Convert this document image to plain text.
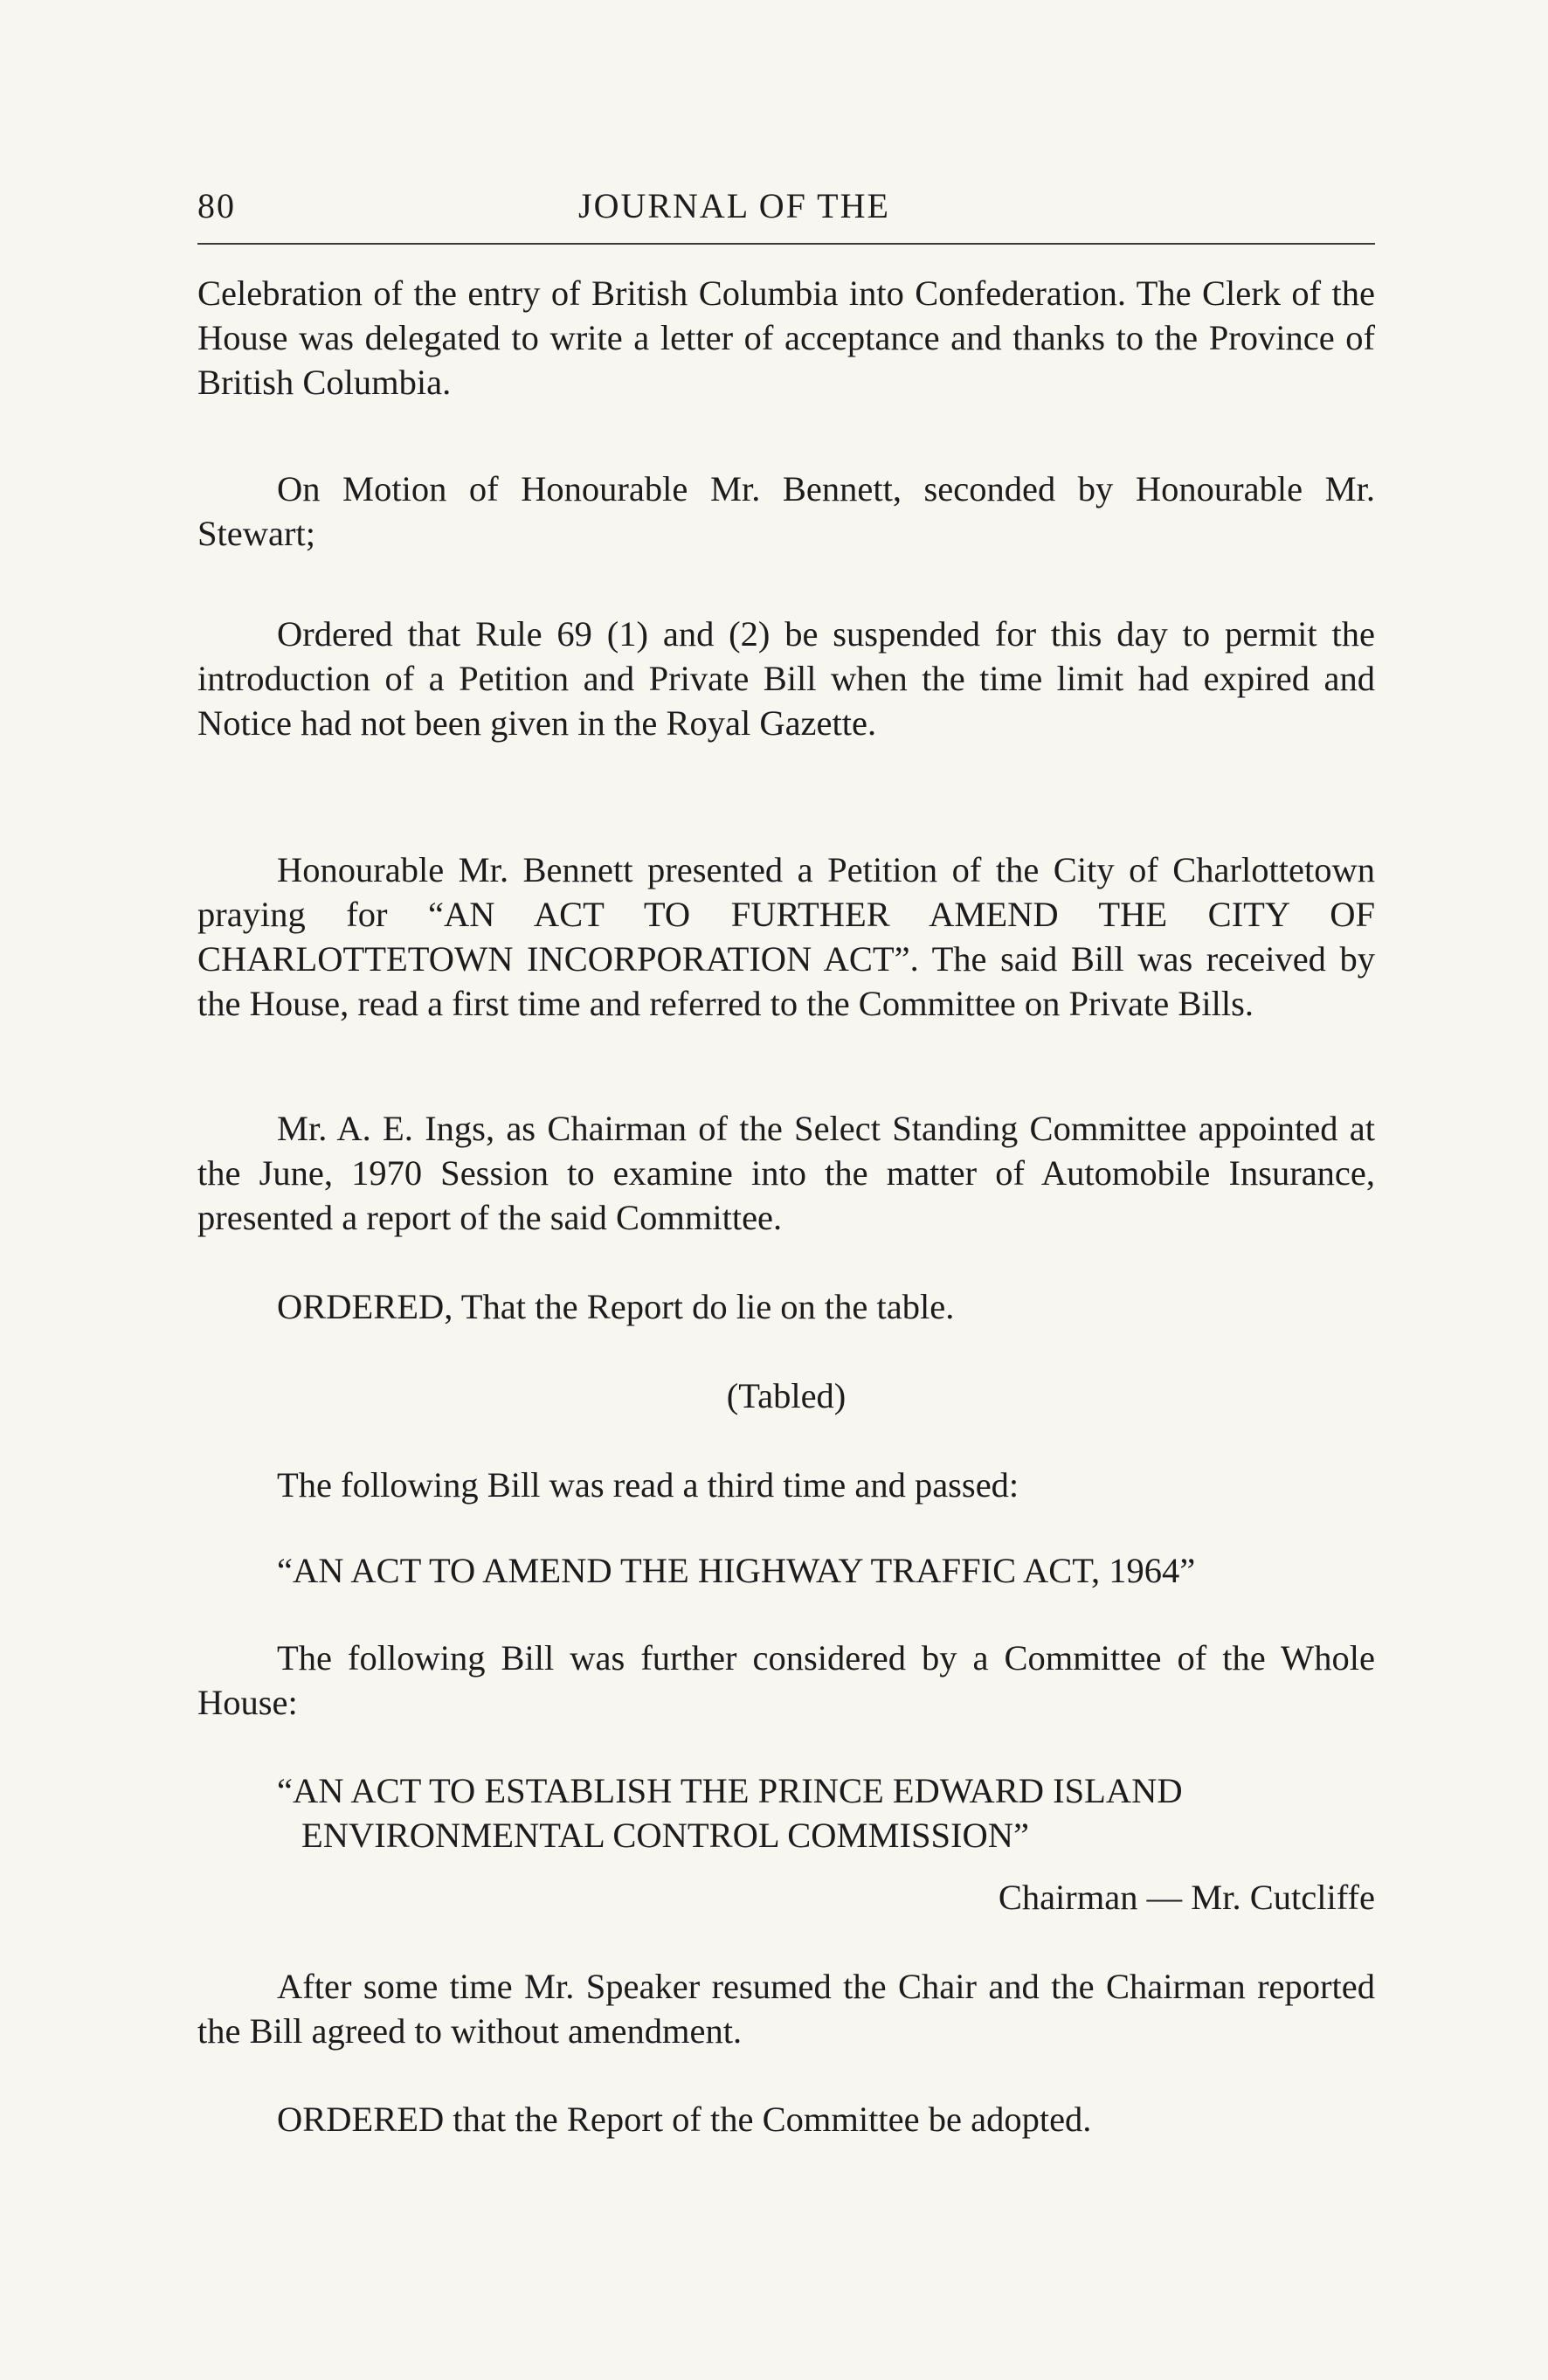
80	JOURNAL OF THE

Celebration of the entry of British Columbia into Confederation. The Clerk of the House was delegated to write a letter of acceptance and thanks to the Province of British Columbia.

On Motion of Honourable Mr. Bennett, seconded by Honourable Mr. Stewart;

Ordered that Rule 69 (1) and (2) be suspended for this day to permit the introduction of a Petition and Private Bill when the time limit had expired and Notice had not been given in the Royal Gazette.

Honourable Mr. Bennett presented a Petition of the City of Charlottetown praying for “AN ACT TO FURTHER AMEND THE CITY OF CHARLOTTETOWN INCORPORATION ACT”. The said Bill was received by the House, read a first time and referred to the Committee on Private Bills.

Mr. A. E. Ings, as Chairman of the Select Standing Committee appointed at the June, 1970 Session to examine into the matter of Automobile Insurance, presented a report of the said Committee.

ORDERED, That the Report do lie on the table.

(Tabled)

The following Bill was read a third time and passed:

“AN ACT TO AMEND THE HIGHWAY TRAFFIC ACT, 1964”

The following Bill was further considered by a Committee of the Whole House:

“AN ACT TO ESTABLISH THE PRINCE EDWARD ISLAND
ENVIRONMENTAL CONTROL COMMISSION”

Chairman — Mr. Cutcliffe

After some time Mr. Speaker resumed the Chair and the Chairman reported the Bill agreed to without amendment.

ORDERED that the Report of the Committee be adopted.
